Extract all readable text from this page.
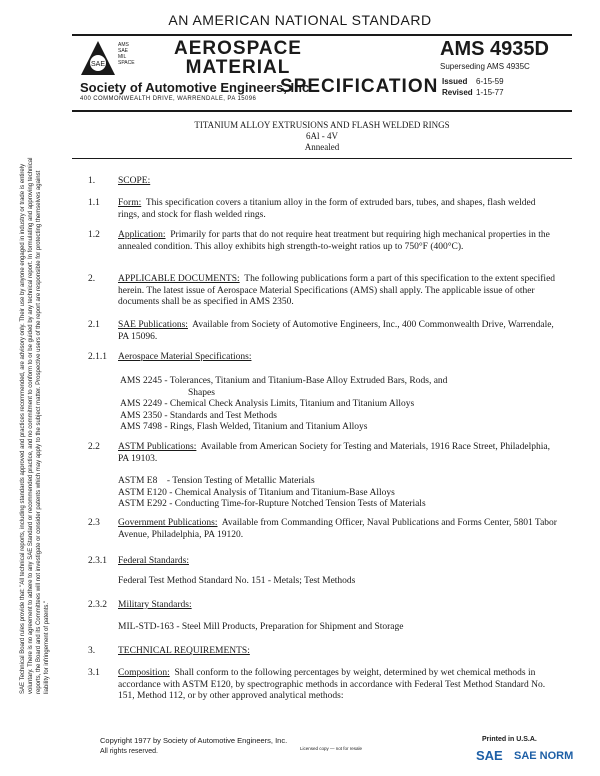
AN AMERICAN NATIONAL STANDARD
SAE
AMS
SAE
MIL
SPACE
AEROSPACE
MATERIAL
SPECIFICATION
Society of Automotive Engineers, Inc.
400 COMMONWEALTH DRIVE, WARRENDALE, PA 15096
AMS 4935D
Superseding AMS 4935C
Issued 6-15-59
Revised 1-15-77
TITANIUM ALLOY EXTRUSIONS AND FLASH WELDED RINGS
6Al - 4V
Annealed
SAE Technical Board rules provide that: "All technical reports, including standards approved and practices recommended, are advisory only. Their use by anyone engaged in industry or trade is entirely voluntary. There is no agreement to adhere to any SAE Standard or recommended practice, and no commitment to conform to or be guided by any technical report. In formulating and approving technical reports, the Board and its Committees will not investigate or consider patents which may apply to the subject matter. Prospective users of the report are responsible for protecting themselves against liability for infringement of patents."
1.	SCOPE:
1.1	Form: This specification covers a titanium alloy in the form of extruded bars, tubes, and shapes, flash welded rings, and stock for flash welded rings.
1.2	Application: Primarily for parts that do not require heat treatment but requiring high mechanical properties in the annealed condition. This alloy exhibits high strength-to-weight ratios up to 750°F (400°C).
2.	APPLICABLE DOCUMENTS: The following publications form a part of this specification to the extent specified herein. The latest issue of Aerospace Material Specifications (AMS) shall apply. The applicable issue of other documents shall be as specified in AMS 2350.
2.1	SAE Publications: Available from Society of Automotive Engineers, Inc., 400 Commonwealth Drive, Warrendale, PA 15096.
2.1.1	Aerospace Material Specifications:
AMS 2245 - Tolerances, Titanium and Titanium-Base Alloy Extruded Bars, Rods, and
Shapes
AMS 2249 - Chemical Check Analysis Limits, Titanium and Titanium Alloys
AMS 2350 - Standards and Test Methods
AMS 7498 - Rings, Flash Welded, Titanium and Titanium Alloys
2.2	ASTM Publications: Available from American Society for Testing and Materials, 1916 Race Street, Philadelphia, PA 19103.
ASTM E8    - Tension Testing of Metallic Materials
ASTM E120 - Chemical Analysis of Titanium and Titanium-Base Alloys
ASTM E292 - Conducting Time-for-Rupture Notched Tension Tests of Materials
2.3	Government Publications: Available from Commanding Officer, Naval Publications and Forms Center, 5801 Tabor Avenue, Philadelphia, PA 19120.
2.3.1	Federal Standards:
Federal Test Method Standard No. 151 - Metals; Test Methods
2.3.2	Military Standards:
MIL-STD-163 - Steel Mill Products, Preparation for Shipment and Storage
3.	TECHNICAL REQUIREMENTS:
3.1	Composition: Shall conform to the following percentages by weight, determined by wet chemical methods in accordance with ASTM E120, by spectrographic methods in accordance with Federal Test Method Standard No. 151, Method 112, or by other approved analytical methods:
Copyright 1977 by Society of Automotive Engineers, Inc.
All rights reserved.	Licensed copy — not for resale
Printed in U.S.A.
SAE SAE NORM
